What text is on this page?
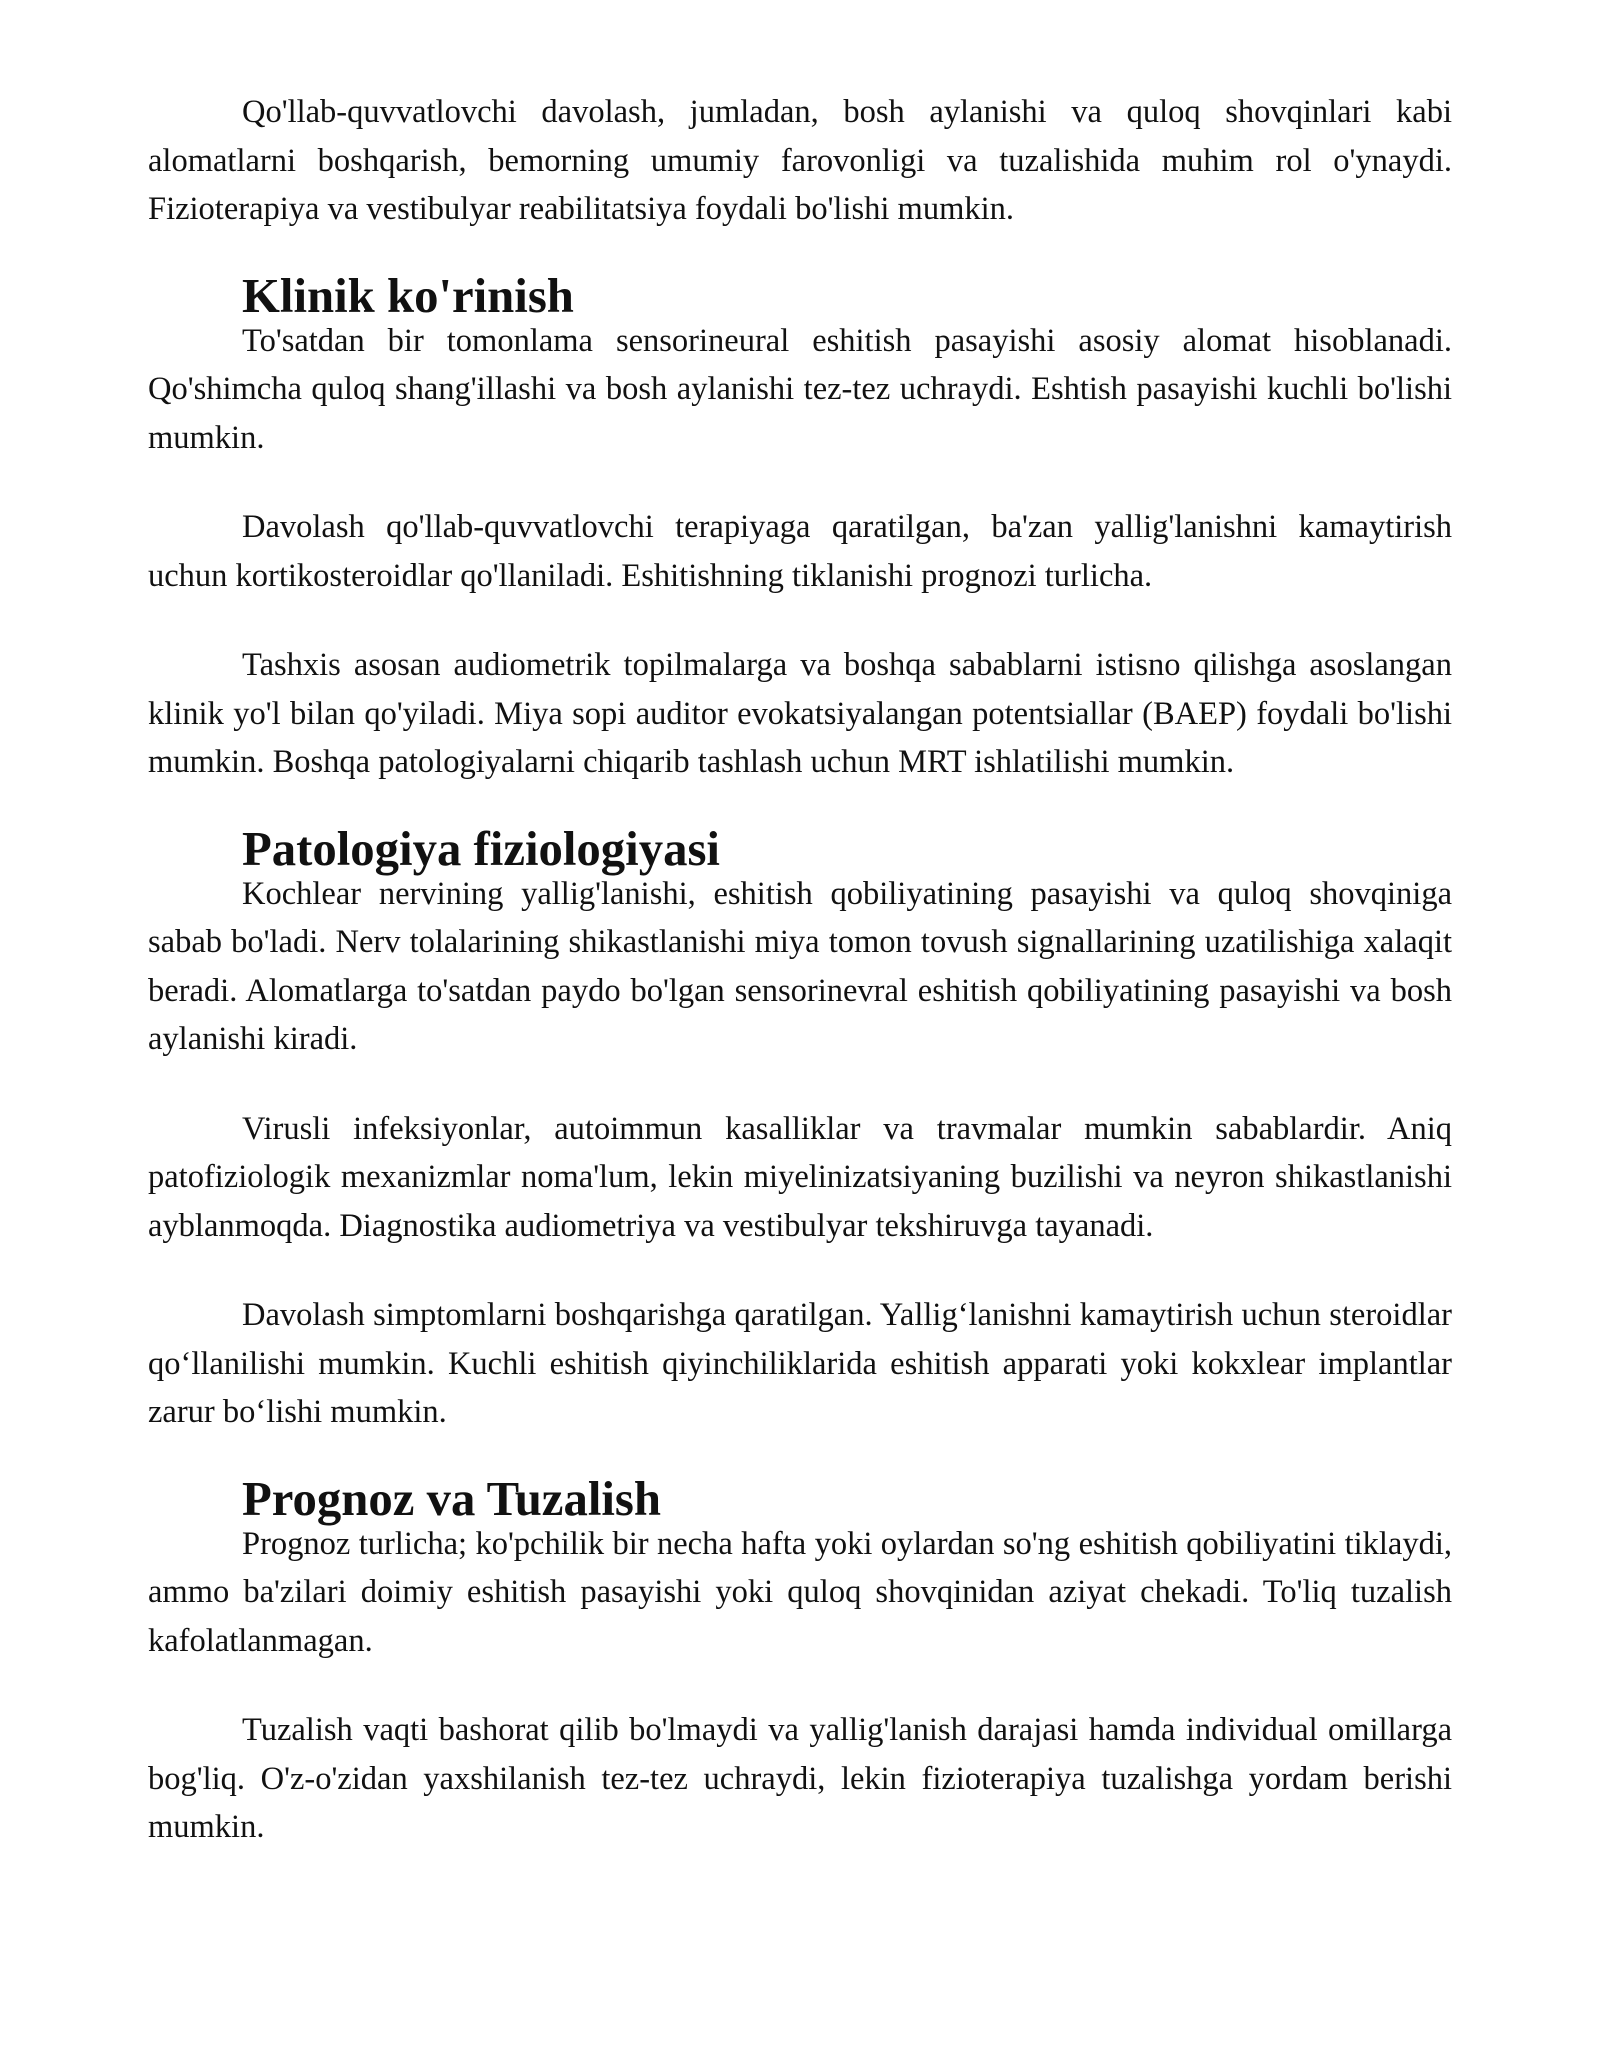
Qo'llab-quvvatlovchi davolash, jumladan, bosh aylanishi va quloq shovqinlari kabi alomatlarni boshqarish, bemorning umumiy farovonligi va tuzalishida muhim rol o'ynaydi. Fizioterapiya va vestibulyar reabilitatsiya foydali bo'lishi mumkin.

Klinik ko'rinish

To'satdan bir tomonlama sensorineural eshitish pasayishi asosiy alomat hisoblanadi. Qo'shimcha quloq shang'illashi va bosh aylanishi tez-tez uchraydi. Eshtish pasayishi kuchli bo'lishi mumkin.

Davolash qo'llab-quvvatlovchi terapiyaga qaratilgan, ba'zan yallig'lanishni kamaytirish uchun kortikosteroidlar qo'llaniladi. Eshitishning tiklanishi prognozi turlicha.

Tashxis asosan audiometrik topilmalarga va boshqa sabablarni istisno qilishga asoslangan klinik yo'l bilan qo'yiladi. Miya sopi auditor evokatsiyalangan potentsiallar (BAEP) foydali bo'lishi mumkin. Boshqa patologiyalarni chiqarib tashlash uchun MRT ishlatilishi mumkin.

Patologiya fiziologiyasi

Kochlear nervining yallig'lanishi, eshitish qobiliyatining pasayishi va quloq shovqiniga sabab bo'ladi. Nerv tolalarining shikastlanishi miya tomon tovush signallarining uzatilishiga xalaqit beradi. Alomatlarga to'satdan paydo bo'lgan sensorinevral eshitish qobiliyatining pasayishi va bosh aylanishi kiradi.

Virusli infeksiyonlar, autoimmun kasalliklar va travmalar mumkin sabablardir. Aniq patofiziologik mexanizmlar noma'lum, lekin miyelinizatsiyaning buzilishi va neyron shikastlanishi ayblanmoqda. Diagnostika audiometriya va vestibulyar tekshiruvga tayanadi.

Davolash simptomlarni boshqarishga qaratilgan. Yallig‘lanishni kamaytirish uchun steroidlar qo‘llanilishi mumkin. Kuchli eshitish qiyinchiliklarida eshitish apparati yoki kokxlear implantlar zarur bo‘lishi mumkin.

Prognoz va Tuzalish

Prognoz turlicha; ko'pchilik bir necha hafta yoki oylardan so'ng eshitish qobiliyatini tiklaydi, ammo ba'zilari doimiy eshitish pasayishi yoki quloq shovqinidan aziyat chekadi. To'liq tuzalish kafolatlanmagan.

Tuzalish vaqti bashorat qilib bo'lmaydi va yallig'lanish darajasi hamda individual omillarga bog'liq. O'z-o'zidan yaxshilanish tez-tez uchraydi, lekin fizioterapiya tuzalishga yordam berishi mumkin.
